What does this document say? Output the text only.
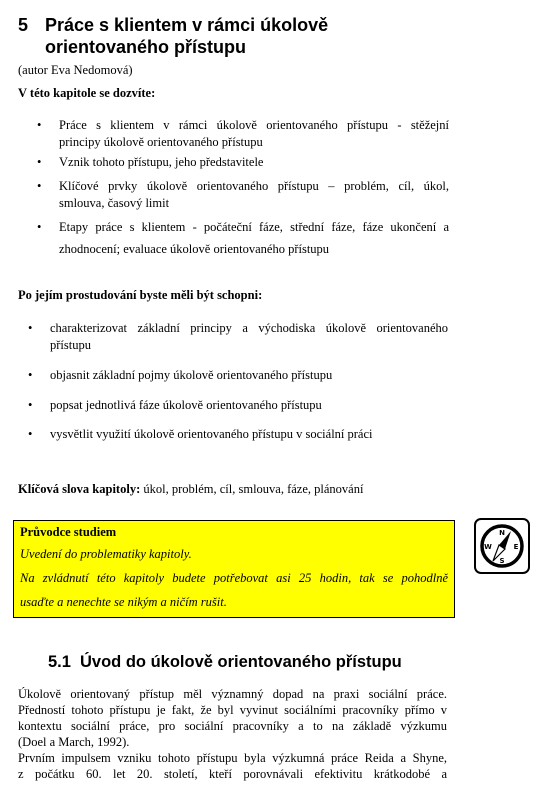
5 Práce s klientem v rámci úkolově
orientovaného přístupu
(autor Eva Nedomová)
V této kapitole se dozvíte:
• Práce s klientem v rámci úkolově orientovaného přístupu - stěžejní
principy úkolově orientovaného přístupu
• Vznik tohoto přístupu, jeho představitele
• Klíčové prvky úkolově orientovaného přístupu – problém, cíl, úkol,
smlouva, časový limit
• Etapy práce s klientem - počáteční fáze, střední fáze, fáze ukončení a
zhodnocení; evaluace úkolově orientovaného přístupu
Po jejím prostudování byste měli být schopni:
• charakterizovat základní principy a východiska úkolově orientovaného
přístupu
• objasnit základní pojmy úkolově orientovaného přístupu
• popsat jednotlivá fáze úkolově orientovaného přístupu
• vysvětlit využití úkolově orientovaného přístupu v sociální práci
Klíčová slova kapitoly: úkol, problém, cíl, smlouva, fáze, plánování
Průvodce studiem
Uvedení do problematiky kapitoly.
Na zvládnutí této kapitoly budete potřebovat asi 25 hodin, tak se pohodlně
usaďte a nenechte se nikým a ničím rušit.
N
S
W	E
5.1 Úvod do úkolově orientovaného přístupu
Úkolově orientovaný přístup měl významný dopad na praxi sociální práce.
Předností tohoto přístupu je fakt, že byl vyvinut sociálními pracovníky přímo v
kontextu sociální práce, pro sociální pracovníky a to na základě výzkumu
(Doel a March, 1992).
Prvním impulsem vzniku tohoto přístupu byla výzkumná práce Reida a Shyne,
z počátku 60. let 20. století, kteří porovnávali efektivitu krátkodobé a
